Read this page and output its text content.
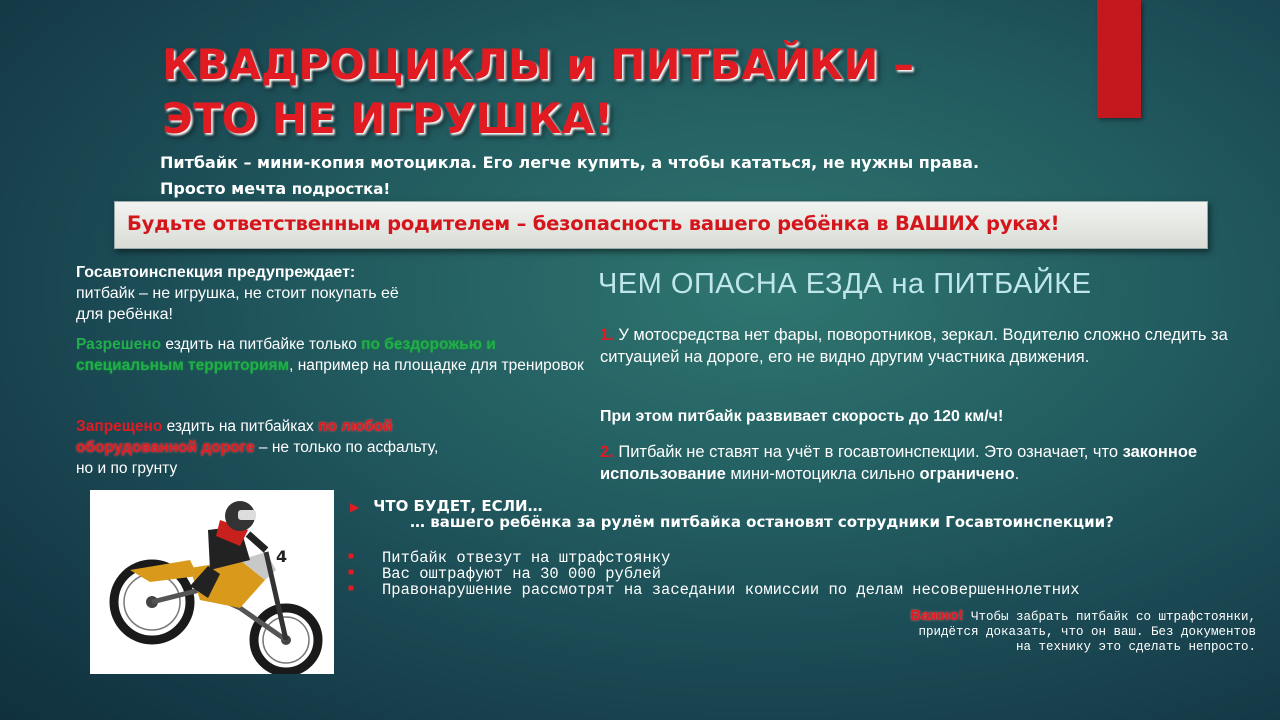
КВАДРОЦИКЛЫ и ПИТБАЙКИ –
ЭТО НЕ ИГРУШКА!
Питбайк – мини-копия мотоцикла. Его легче купить, а чтобы кататься, не нужны права.
Просто мечта подростка!
Будьте ответственным родителем – безопасность вашего ребёнка в ВАШИХ руках!
Госавтоинспекция предупреждает:
питбайк – не игрушка, не стоит покупать её
для ребёнка!
Разрешено ездить на питбайке только по бездорожью и специальным территориям, например на площадке для тренировок
Запрещено ездить на питбайках по любой оборудованной дороге – не только по асфальту,
но и по грунту
ЧЕМ ОПАСНА ЕЗДА на ПИТБАЙКЕ
1. У мотосредства нет фары, поворотников, зеркал. Водителю сложно следить за ситуацией на дороге, его не видно другим участника движения.
При этом питбайк развивает скорость до 120 км/ч!
2. Питбайк не ставят на учёт в госавтоинспекции. Это означает, что законное использование мини-мотоцикла сильно ограничено.
4
▶ ЧТО БУДЕТ, ЕСЛИ…
… вашего ребёнка за рулём питбайка остановят сотрудники Госавтоинспекции?
■ Питбайк отвезут на штрафстоянку
■ Вас оштрафуют на 30 000 рублей
■ Правонарушение рассмотрят на заседании комиссии по делам несовершеннолетних
Важно! Чтобы забрать питбайк со штрафстоянки,
придётся доказать, что он ваш. Без документов
на технику это сделать непросто.
